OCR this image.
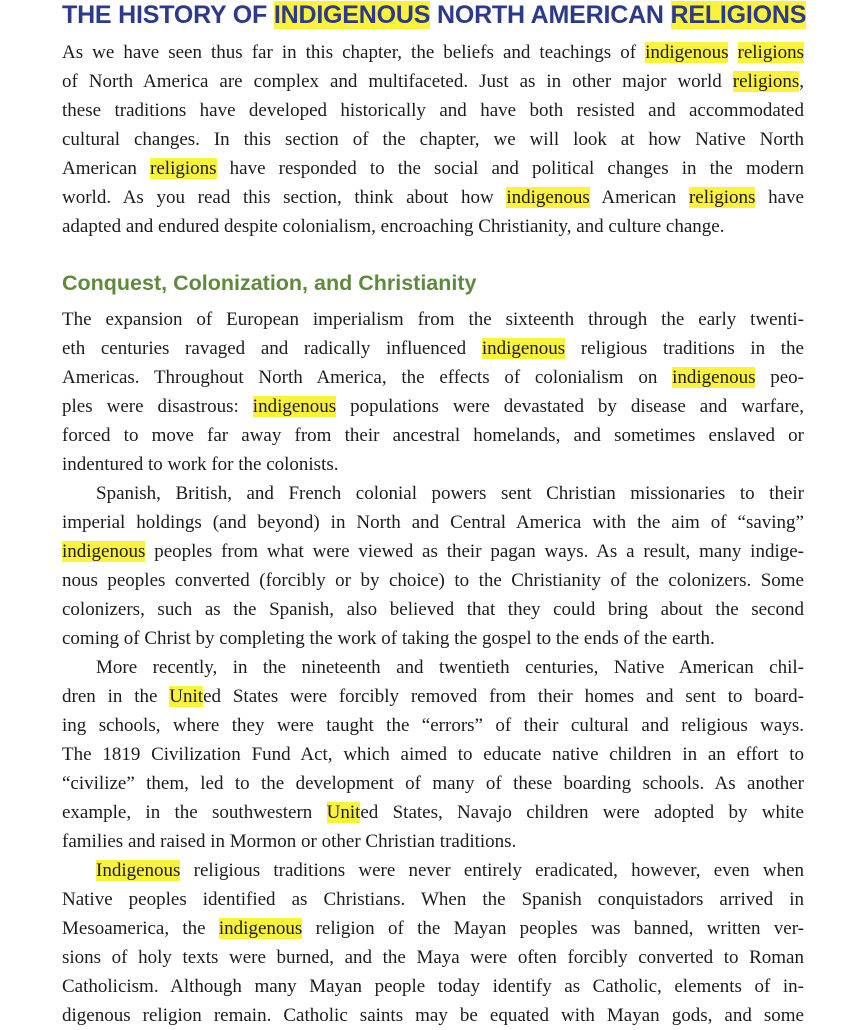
THE HISTORY OF INDIGENOUS NORTH AMERICAN RELIGIONS

As we have seen thus far in this chapter, the beliefs and teachings of indigenous religions

of North America are complex and multifaceted. Just as in other major world religions,

these traditions have developed historically and have both resisted and accommodated

cultural changes. In this section of the chapter, we will look at how Native North

American religions have responded to the social and political changes in the modern

world. As you read this section, think about how indigenous American religions have

adapted and endured despite colonialism, encroaching Christianity, and culture change.

Conquest, Colonization, and Christianity

The expansion of European imperialism from the sixteenth through the early twenti-

eth centuries ravaged and radically influenced indigenous religious traditions in the

Americas. Throughout North America, the effects of colonialism on indigenous peo-

ples were disastrous: indigenous populations were devastated by disease and warfare,

forced to move far away from their ancestral homelands, and sometimes enslaved or

indentured to work for the colonists.

Spanish, British, and French colonial powers sent Christian missionaries to their

imperial holdings (and beyond) in North and Central America with the aim of “saving”

indigenous peoples from what were viewed as their pagan ways. As a result, many indige-

nous peoples converted (forcibly or by choice) to the Christianity of the colonizers. Some

colonizers, such as the Spanish, also believed that they could bring about the second

coming of Christ by completing the work of taking the gospel to the ends of the earth.

More recently, in the nineteenth and twentieth centuries, Native American chil-

dren in the United States were forcibly removed from their homes and sent to board-

ing schools, where they were taught the “errors” of their cultural and religious ways.

The 1819 Civilization Fund Act, which aimed to educate native children in an effort to

“civilize” them, led to the development of many of these boarding schools. As another

example, in the southwestern United States, Navajo children were adopted by white

families and raised in Mormon or other Christian traditions.

Indigenous religious traditions were never entirely eradicated, however, even when

Native peoples identified as Christians. When the Spanish conquistadors arrived in

Mesoamerica, the indigenous religion of the Mayan peoples was banned, written ver-

sions of holy texts were burned, and the Maya were often forcibly converted to Roman

Catholicism. Although many Mayan people today identify as Catholic, elements of in-

digenous religion remain. Catholic saints may be equated with Mayan gods, and some
